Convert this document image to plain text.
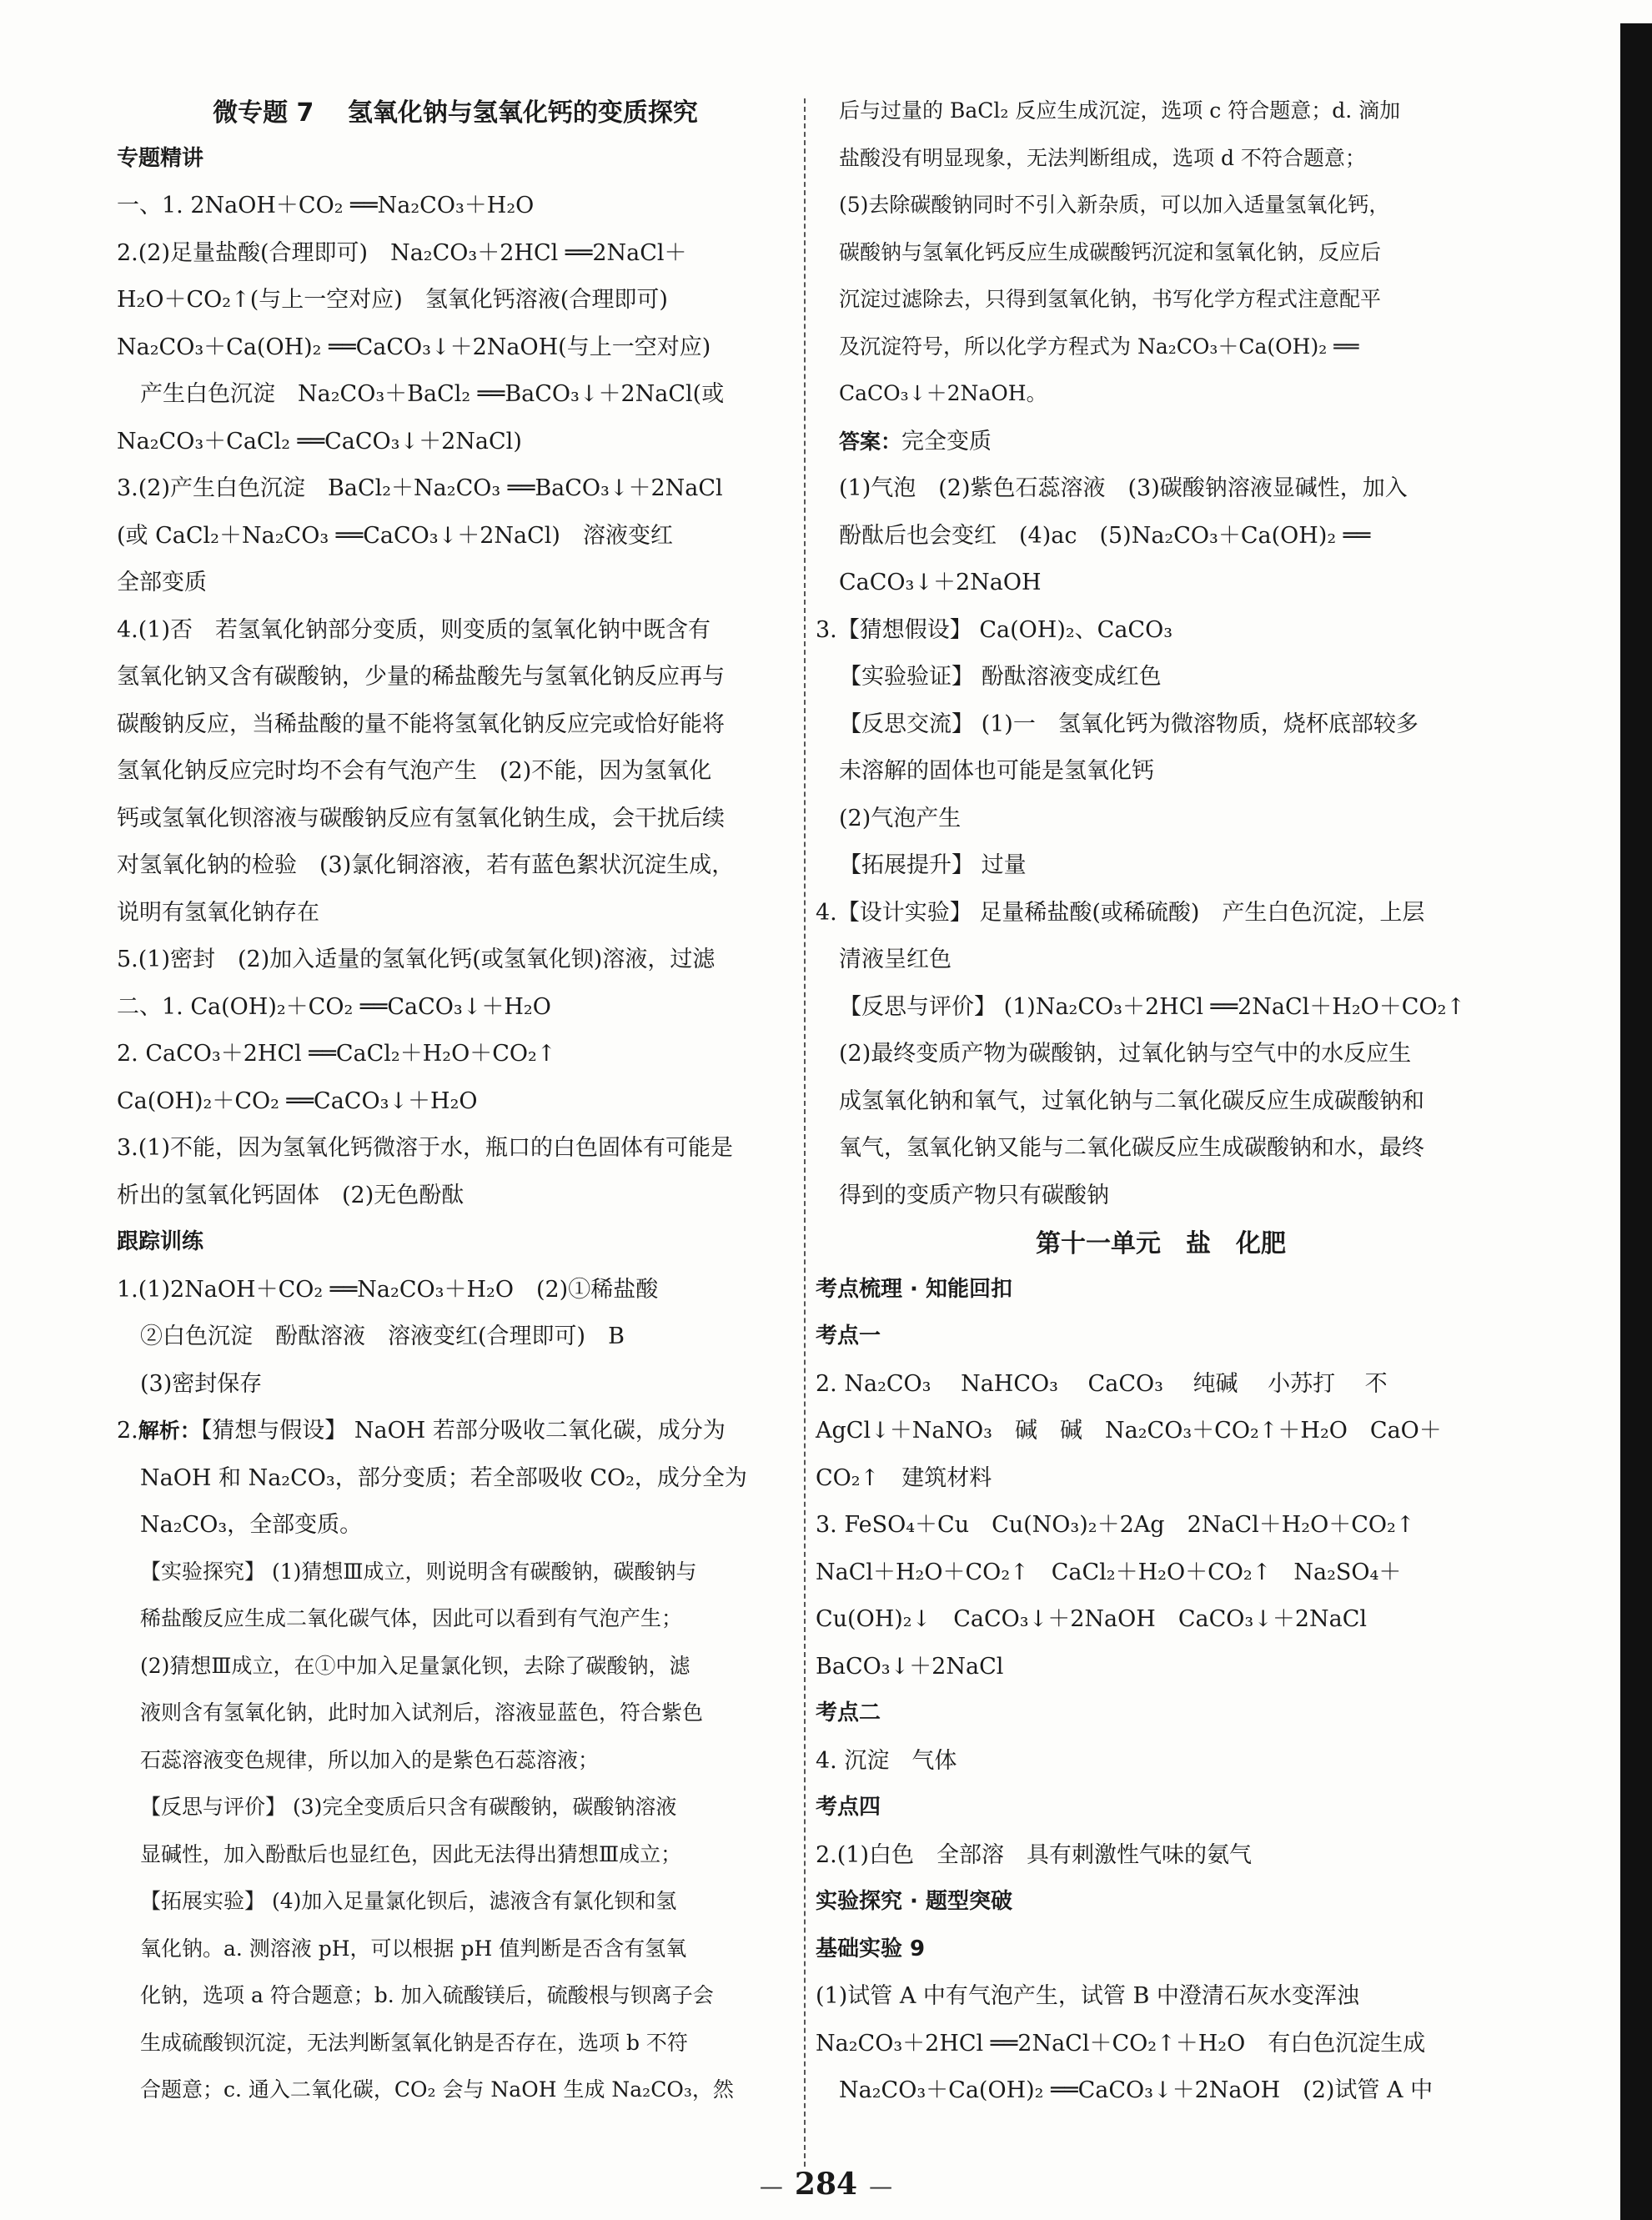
微专题 7　 氢氧化钠与氢氧化钙的变质探究
专题精讲
一、1. 2NaOH＋CO₂ ══Na₂CO₃＋H₂O
2.(2)足量盐酸(合理即可)　Na₂CO₃＋2HCl ══2NaCl＋
H₂O＋CO₂↑(与上一空对应)　氢氧化钙溶液(合理即可)
Na₂CO₃＋Ca(OH)₂ ══CaCO₃↓＋2NaOH(与上一空对应)
产生白色沉淀　Na₂CO₃＋BaCl₂ ══BaCO₃↓＋2NaCl(或
Na₂CO₃＋CaCl₂ ══CaCO₃↓＋2NaCl)
3.(2)产生白色沉淀　BaCl₂＋Na₂CO₃ ══BaCO₃↓＋2NaCl
(或 CaCl₂＋Na₂CO₃ ══CaCO₃↓＋2NaCl)　溶液变红
全部变质
4.(1)否　若氢氧化钠部分变质，则变质的氢氧化钠中既含有
氢氧化钠又含有碳酸钠，少量的稀盐酸先与氢氧化钠反应再与
碳酸钠反应，当稀盐酸的量不能将氢氧化钠反应完或恰好能将
氢氧化钠反应完时均不会有气泡产生　(2)不能，因为氢氧化
钙或氢氧化钡溶液与碳酸钠反应有氢氧化钠生成，会干扰后续
对氢氧化钠的检验　(3)氯化铜溶液，若有蓝色絮状沉淀生成，
说明有氢氧化钠存在
5.(1)密封　(2)加入适量的氢氧化钙(或氢氧化钡)溶液，过滤
二、1. Ca(OH)₂＋CO₂ ══CaCO₃↓＋H₂O
2. CaCO₃＋2HCl ══CaCl₂＋H₂O＋CO₂↑
Ca(OH)₂＋CO₂ ══CaCO₃↓＋H₂O
3.(1)不能，因为氢氧化钙微溶于水，瓶口的白色固体有可能是
析出的氢氧化钙固体　(2)无色酚酞
跟踪训练
1.(1)2NaOH＋CO₂ ══Na₂CO₃＋H₂O　(2)①稀盐酸
②白色沉淀　酚酞溶液　溶液变红(合理即可)　B
(3)密封保存
2.解析：【猜想与假设】 NaOH 若部分吸收二氧化碳，成分为
NaOH 和 Na₂CO₃，部分变质；若全部吸收 CO₂，成分全为
Na₂CO₃，全部变质。
【实验探究】 (1)猜想Ⅲ成立，则说明含有碳酸钠，碳酸钠与
稀盐酸反应生成二氧化碳气体，因此可以看到有气泡产生；
(2)猜想Ⅲ成立，在①中加入足量氯化钡，去除了碳酸钠，滤
液则含有氢氧化钠，此时加入试剂后，溶液显蓝色，符合紫色
石蕊溶液变色规律，所以加入的是紫色石蕊溶液；
【反思与评价】 (3)完全变质后只含有碳酸钠，碳酸钠溶液
显碱性，加入酚酞后也显红色，因此无法得出猜想Ⅲ成立；
【拓展实验】 (4)加入足量氯化钡后，滤液含有氯化钡和氢
氧化钠。a. 测溶液 pH，可以根据 pH 值判断是否含有氢氧
化钠，选项 a 符合题意；b. 加入硫酸镁后，硫酸根与钡离子会
生成硫酸钡沉淀，无法判断氢氧化钠是否存在，选项 b 不符
合题意；c. 通入二氧化碳，CO₂ 会与 NaOH 生成 Na₂CO₃，然
后与过量的 BaCl₂ 反应生成沉淀，选项 c 符合题意；d. 滴加
盐酸没有明显现象，无法判断组成，选项 d 不符合题意；
(5)去除碳酸钠同时不引入新杂质，可以加入适量氢氧化钙，
碳酸钠与氢氧化钙反应生成碳酸钙沉淀和氢氧化钠，反应后
沉淀过滤除去，只得到氢氧化钠，书写化学方程式注意配平
及沉淀符号，所以化学方程式为 Na₂CO₃＋Ca(OH)₂ ══
CaCO₃↓＋2NaOH。
答案：完全变质
(1)气泡　(2)紫色石蕊溶液　(3)碳酸钠溶液显碱性，加入
酚酞后也会变红　(4)ac　(5)Na₂CO₃＋Ca(OH)₂ ══
CaCO₃↓＋2NaOH
3.【猜想假设】 Ca(OH)₂、CaCO₃
【实验验证】 酚酞溶液变成红色
【反思交流】 (1)一　氢氧化钙为微溶物质，烧杯底部较多
未溶解的固体也可能是氢氧化钙
(2)气泡产生
【拓展提升】 过量
4.【设计实验】 足量稀盐酸(或稀硫酸)　产生白色沉淀，上层
清液呈红色
【反思与评价】 (1)Na₂CO₃＋2HCl ══2NaCl＋H₂O＋CO₂↑
(2)最终变质产物为碳酸钠，过氧化钠与空气中的水反应生
成氢氧化钠和氧气，过氧化钠与二氧化碳反应生成碳酸钠和
氧气，氢氧化钠又能与二氧化碳反应生成碳酸钠和水，最终
得到的变质产物只有碳酸钠
第十一单元　盐　化肥
考点梳理 · 知能回扣
考点一
2. Na₂CO₃　 NaHCO₃　 CaCO₃　 纯碱　 小苏打　 不
AgCl↓＋NaNO₃　碱　碱　Na₂CO₃＋CO₂↑＋H₂O　CaO＋
CO₂↑　建筑材料
3. FeSO₄＋Cu　Cu(NO₃)₂＋2Ag　2NaCl＋H₂O＋CO₂↑
NaCl＋H₂O＋CO₂↑　CaCl₂＋H₂O＋CO₂↑　Na₂SO₄＋
Cu(OH)₂↓　CaCO₃↓＋2NaOH　CaCO₃↓＋2NaCl
BaCO₃↓＋2NaCl
考点二
4. 沉淀　气体
考点四
2.(1)白色　全部溶　具有刺激性气味的氨气
实验探究 · 题型突破
基础实验 9
(1)试管 A 中有气泡产生，试管 B 中澄清石灰水变浑浊
Na₂CO₃＋2HCl ══2NaCl＋CO₂↑＋H₂O　有白色沉淀生成
Na₂CO₃＋Ca(OH)₂ ══CaCO₃↓＋2NaOH　(2)试管 A 中
— 284 —
